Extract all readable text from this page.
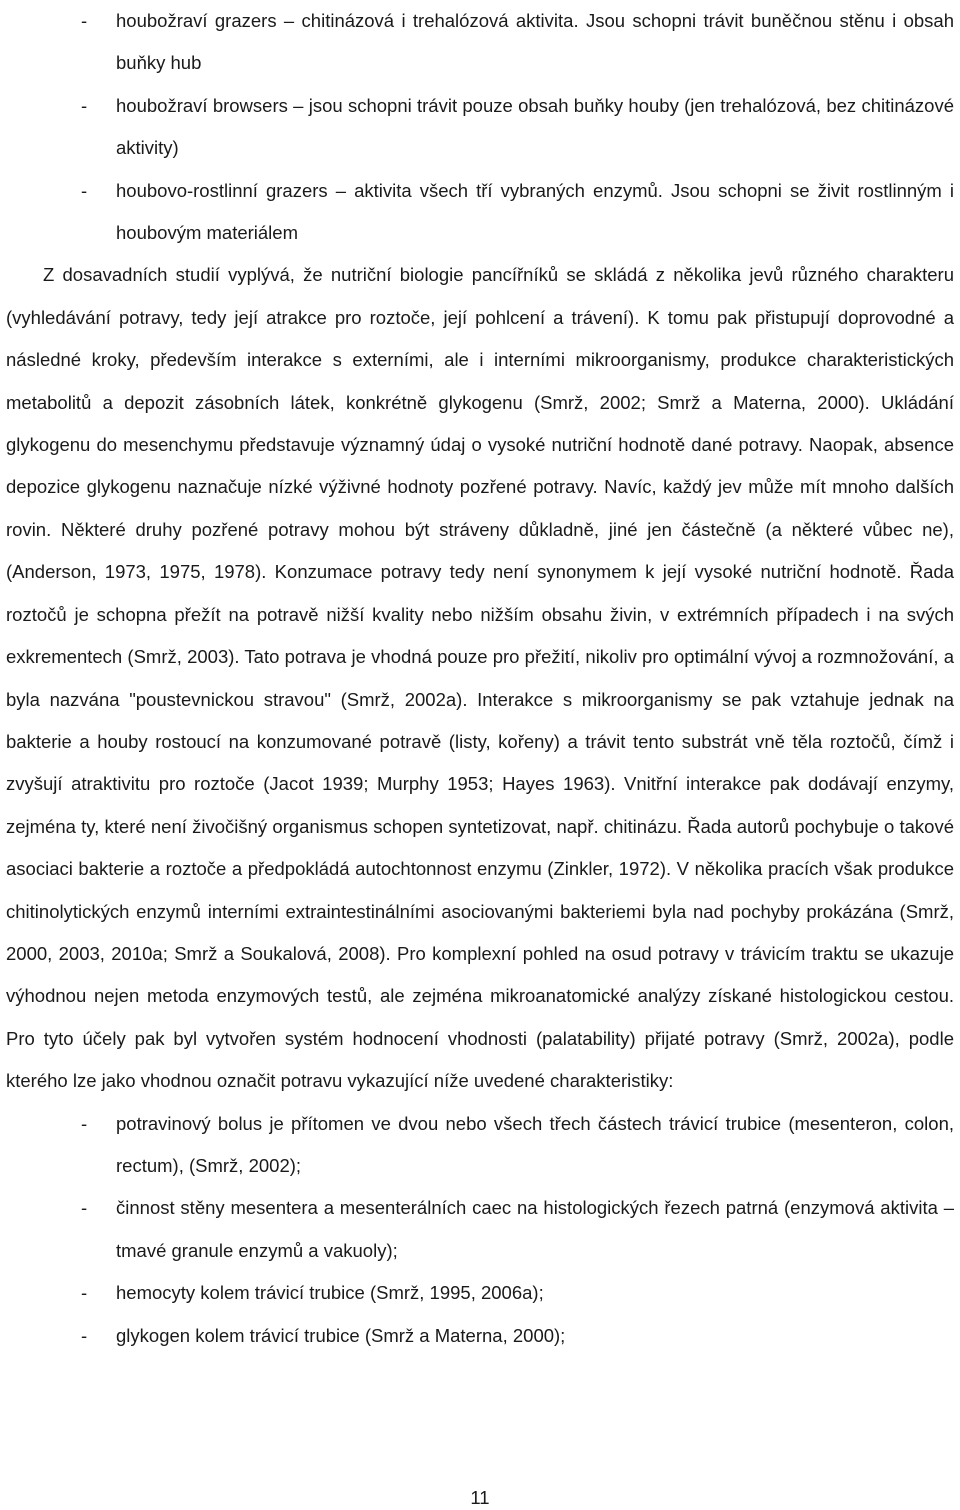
- houbožraví grazers – chitinázová i trehalózová aktivita. Jsou schopni trávit buněčnou stěnu i obsah buňky hub
- houbožraví browsers – jsou schopni trávit pouze obsah buňky houby (jen trehalózová, bez chitinázové aktivity)
- houbovo-rostlinní grazers – aktivita všech tří vybraných enzymů. Jsou schopni se živit rostlinným i houbovým materiálem

Z dosavadních studií vyplývá, že nutriční biologie pancířníků se skládá z několika jevů různého charakteru (vyhledávání potravy, tedy její atrakce pro roztoče, její pohlcení a trávení). K tomu pak přistupují doprovodné a následné kroky, především interakce s externími, ale i interními mikroorganismy, produkce charakteristických metabolitů a depozit zásobních látek, konkrétně glykogenu (Smrž, 2002; Smrž a Materna, 2000). Ukládání glykogenu do mesenchymu představuje významný údaj o vysoké nutriční hodnotě dané potravy. Naopak, absence depozice glykogenu naznačuje nízké výživné hodnoty pozřené potravy. Navíc, každý jev může mít mnoho dalších rovin. Některé druhy pozřené potravy mohou být stráveny důkladně, jiné jen částečně (a některé vůbec ne), (Anderson, 1973, 1975, 1978). Konzumace potravy tedy není synonymem k její vysoké nutriční hodnotě. Řada roztočů je schopna přežít na potravě nižší kvality nebo nižším obsahu živin, v extrémních případech i na svých exkrementech (Smrž, 2003). Tato potrava je vhodná pouze pro přežití, nikoliv pro optimální vývoj a rozmnožování, a byla nazvána "poustevnickou stravou" (Smrž, 2002a). Interakce s mikroorganismy se pak vztahuje jednak na bakterie a houby rostoucí na konzumované potravě (listy, kořeny) a trávit tento substrát vně těla roztočů, čímž i zvyšují atraktivitu pro roztoče (Jacot 1939; Murphy 1953; Hayes 1963). Vnitřní interakce pak dodávají enzymy, zejména ty, které není živočišný organismus schopen syntetizovat, např. chitinázu. Řada autorů pochybuje o takové asociaci bakterie a roztoče a předpokládá autochtonnost enzymu (Zinkler, 1972). V několika pracích však produkce chitinolytických enzymů interními extraintestinálními asociovanými bakteriemi byla nad pochyby prokázána (Smrž, 2000, 2003, 2010a; Smrž a Soukalová, 2008). Pro komplexní pohled na osud potravy v trávicím traktu se ukazuje výhodnou nejen metoda enzymových testů, ale zejména mikroanatomické analýzy získané histologickou cestou. Pro tyto účely pak byl vytvořen systém hodnocení vhodnosti (palatability) přijaté potravy (Smrž, 2002a), podle kterého lze jako vhodnou označit potravu vykazující níže uvedené charakteristiky:

- potravinový bolus je přítomen ve dvou nebo všech třech částech trávicí trubice (mesenteron, colon, rectum), (Smrž, 2002);
- činnost stěny mesentera a mesenterálních caec na histologických řezech patrná (enzymová aktivita – tmavé granule enzymů a vakuoly);
- hemocyty kolem trávicí trubice (Smrž, 1995, 2006a);
- glykogen kolem trávicí trubice (Smrž a Materna, 2000);
11
